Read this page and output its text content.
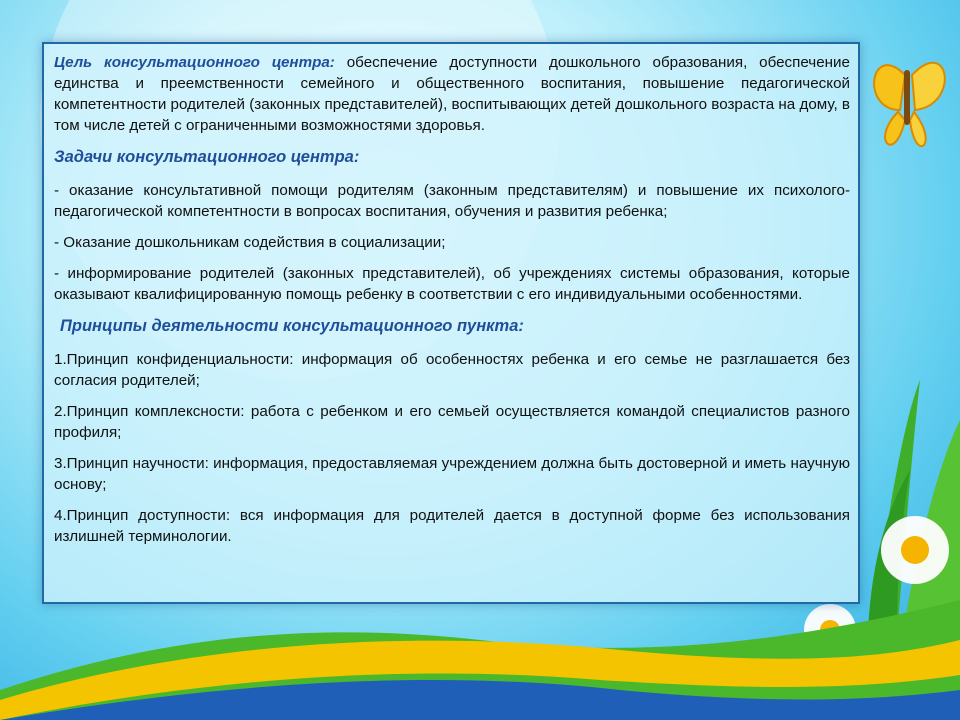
Цель консультационного центра: обеспечение доступности дошкольного образования, обеспечение единства и преемственности семейного и общественного воспитания, повышение педагогической компетентности родителей (законных представителей), воспитывающих детей дошкольного возраста на дому, в том числе детей с ограниченными возможностями здоровья.

Задачи консультационного центра:

- оказание консультативной помощи родителям (законным представителям) и повышение их психолого-педагогической компетентности в вопросах воспитания, обучения и развития ребенка;

- Оказание дошкольникам содействия в социализации;

- информирование родителей (законных представителей), об учреждениях системы образования, которые оказывают квалифицированную помощь ребенку в соответствии с его индивидуальными особенностями.

Принципы деятельности консультационного пункта:

1.Принцип конфиденциальности: информация об особенностях ребенка и его семье не разглашается без согласия родителей;

2.Принцип комплексности: работа с ребенком и его семьей осуществляется командой специалистов разного профиля;

3.Принцип научности: информация, предоставляемая учреждением должна быть достоверной и иметь научную основу;

4.Принцип доступности: вся информация для родителей дается в доступной форме без использования излишней терминологии.
